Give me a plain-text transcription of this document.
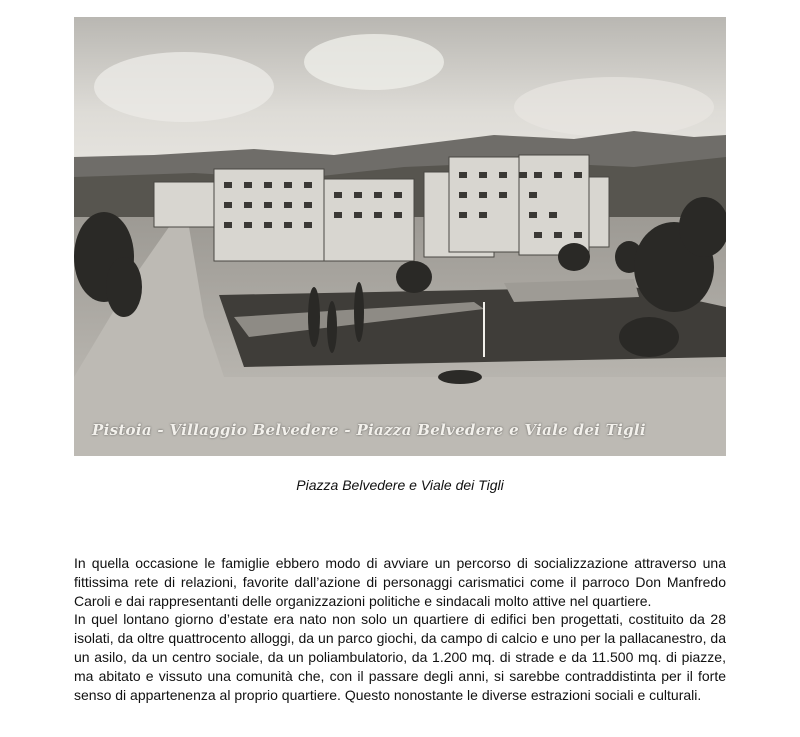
Pistoia - Villaggio Belvedere - Piazza Belvedere e Viale dei Tigli
Piazza Belvedere e Viale dei Tigli

In quella occasione le famiglie ebbero modo di avviare un percorso di socializzazione attraverso una fittissima rete di relazioni, favorite dall’azione di personaggi carismatici come il parroco Don Manfredo Caroli e dai rappresentanti delle organizzazioni politiche e sindacali molto attive nel quartiere.

In quel lontano giorno d’estate era nato non solo un quartiere di edifici ben progettati, costituito da 28 isolati, da oltre quattrocento alloggi, da un parco giochi, da campo di calcio e uno per la pallacanestro, da un asilo, da un centro sociale, da un poliambulatorio, da 1.200 mq. di strade e da 11.500 mq. di piazze, ma abitato e vissuto una comunità che, con il passare degli anni, si sarebbe contraddistinta per il forte senso di appartenenza al proprio quartiere. Questo nonostante le diverse estrazioni sociali e culturali.
